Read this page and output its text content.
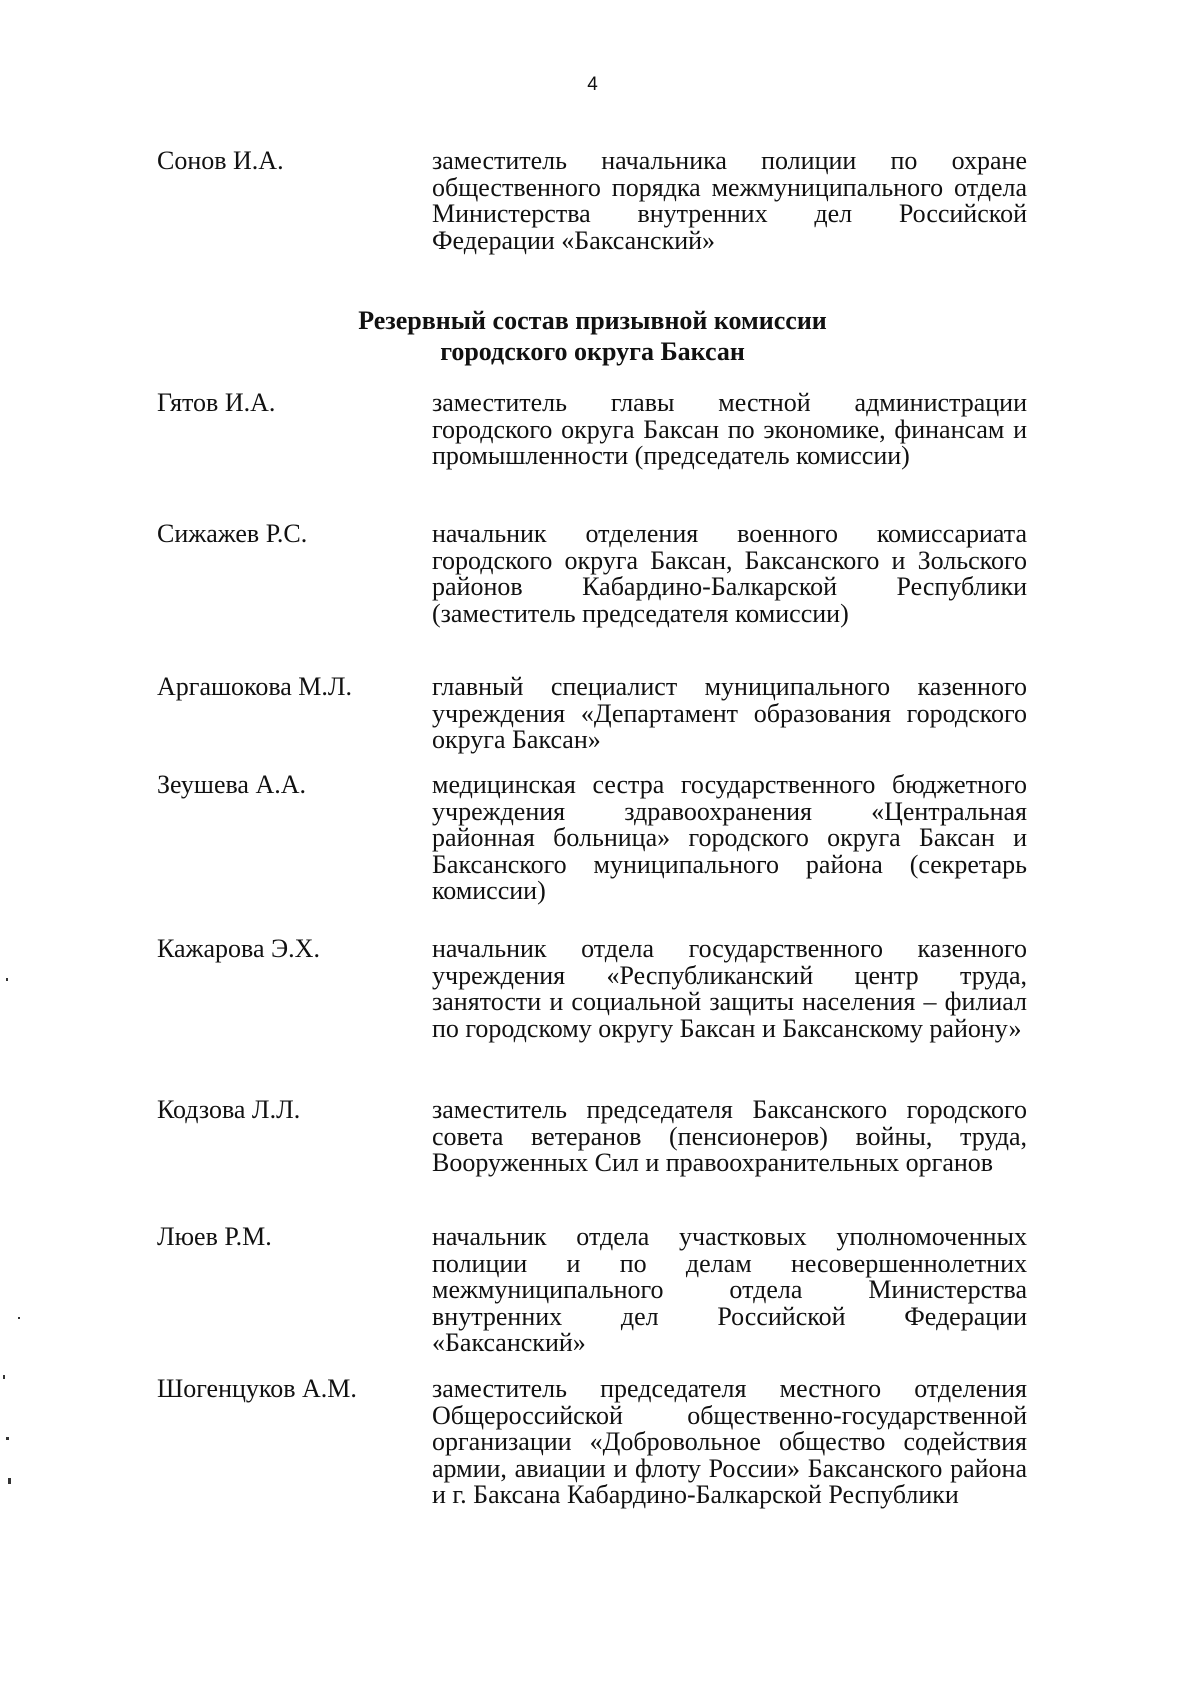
4
Сонов И.А.	заместитель начальника полиции по охране общественного порядка межмуниципального отдела Министерства внутренних дел Российской Федерации «Баксанский»
Резервный состав призывной комиссии
городского округа Баксан
Гятов И.А.	заместитель главы местной администрации городского округа Баксан по экономике, финансам и промышленности (председатель комиссии)
Сижажев Р.С.	начальник отделения военного комиссариата городского округа Баксан, Баксанского и Зольского районов Кабардино-Балкарской Республики (заместитель председателя комиссии)
Аргашокова М.Л.	главный специалист муниципального казенного учреждения «Департамент образования городского округа Баксан»
Зеушева А.А.	медицинская сестра государственного бюджетного учреждения здравоохранения «Центральная районная больница» городского округа Баксан и Баксанского муниципального района (секретарь комиссии)
Кажарова Э.Х.	начальник отдела государственного казенного учреждения «Республиканский центр труда, занятости и социальной защиты населения – филиал по городскому округу Баксан и Баксанскому району»
Кодзова Л.Л.	заместитель председателя Баксанского городского совета ветеранов (пенсионеров) войны, труда, Вооруженных Сил и правоохранительных органов
Люев Р.М.	начальник отдела участковых уполномоченных полиции и по делам несовершеннолетних межмуниципального отдела Министерства внутренних дел Российской Федерации «Баксанский»
Шогенцуков А.М.	заместитель председателя местного отделения Общероссийской общественно-государственной организации «Добровольное общество содействия армии, авиации и флоту России» Баксанского района и г. Баксана Кабардино-Балкарской Республики
